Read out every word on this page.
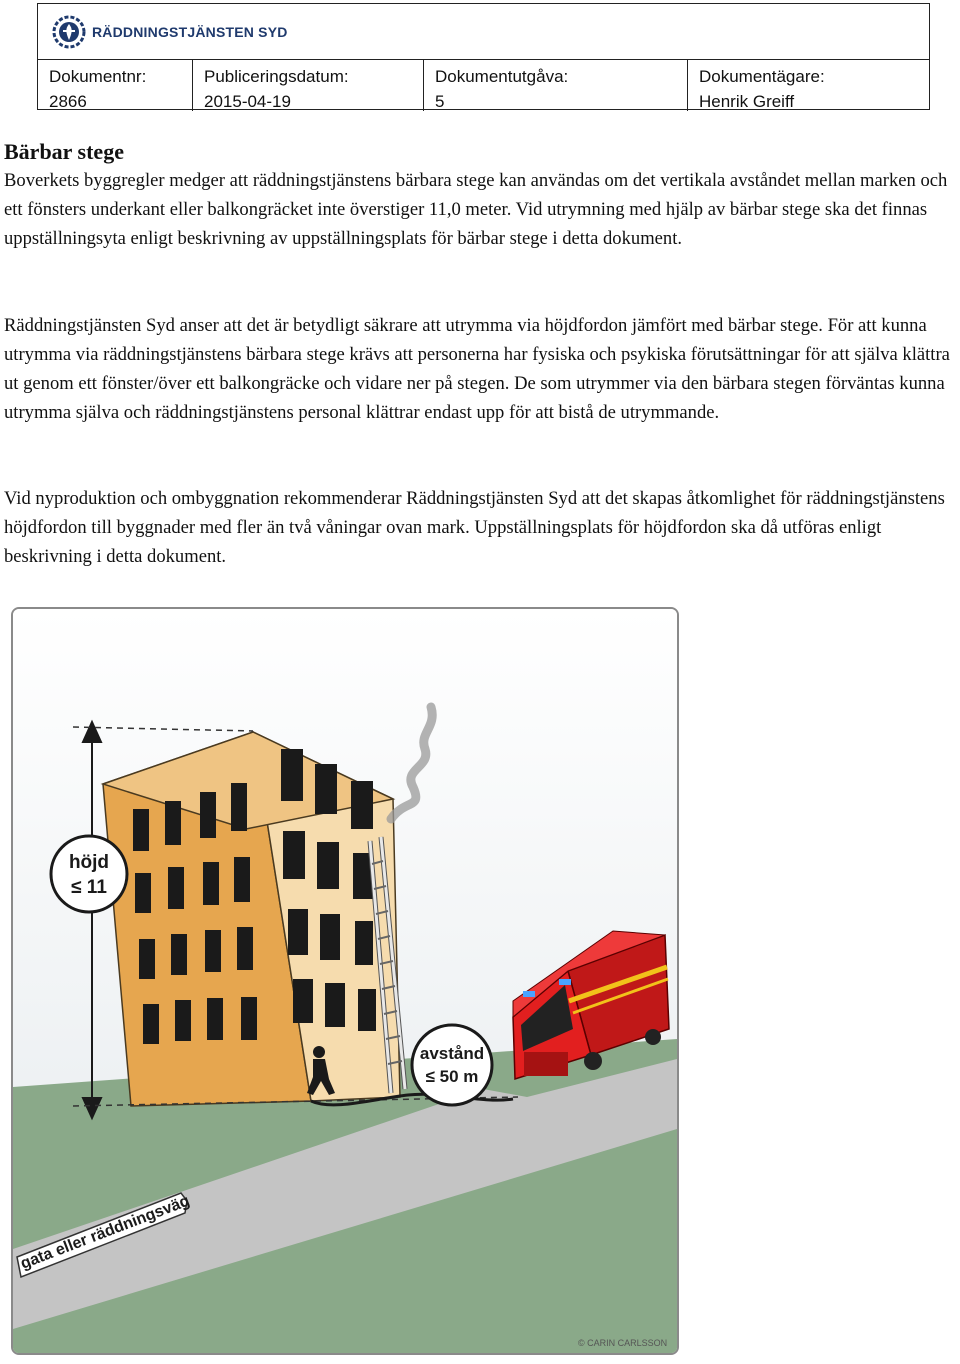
RÄDDNINGSTJÄNSTEN SYD
Dokumentnr:
2866
Publiceringsdatum:
2015-04-19
Dokumentutgåva:
5
Dokumentägare:
Henrik Greiff
Bärbar stege

Boverkets byggregler medger att räddningstjänstens bärbara stege kan användas om det vertikala avståndet mellan marken och ett fönsters underkant eller balkongräcket inte överstiger 11,0 meter. Vid utrymning med hjälp av bärbar stege ska det finnas uppställningsyta enligt beskrivning av uppställningsplats för bärbar stege i detta dokument.

Räddningstjänsten Syd anser att det är betydligt säkrare att utrymma via höjdfordon jämfört med bärbar stege. För att kunna utrymma via räddningstjänstens bärbara stege krävs att personerna har fysiska och psykiska förutsättningar för att själva klättra ut genom ett fönster/över ett balkongräcke och vidare ner på stegen. De som utrymmer via den bärbara stegen förväntas kunna utrymma själva och räddningstjänstens personal klättrar endast upp för att bistå de utrymmande.

Vid nyproduktion och ombyggnation rekommenderar Räddningstjänsten Syd att det skapas åtkomlighet för räddningstjänstens höjdfordon till byggnader med fler än två våningar ovan mark. Uppställningsplats för höjdfordon ska då utföras enligt beskrivning i detta dokument.

höjd
≤ 11
avstånd
≤ 50 m
gata eller räddningsväg
© CARIN CARLSSON
